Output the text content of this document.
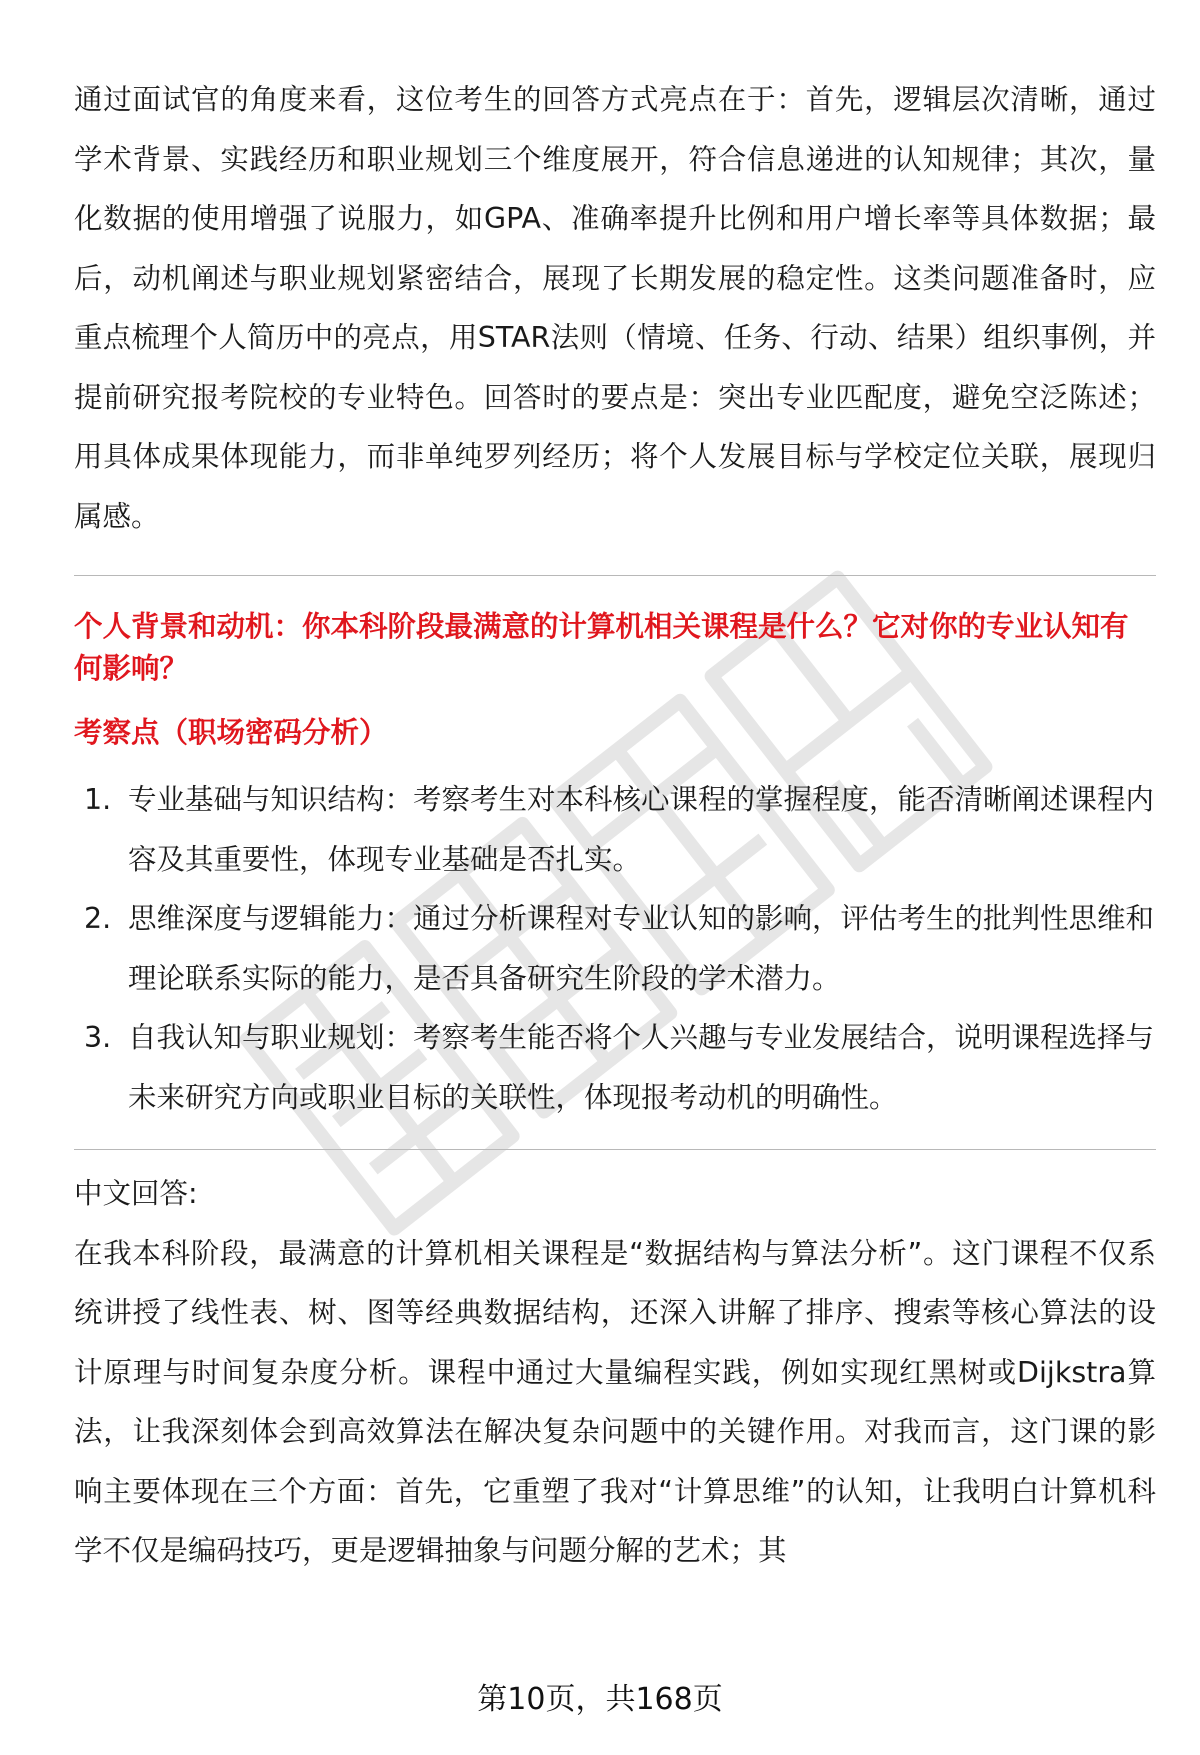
通过面试官的角度来看，这位考生的回答方式亮点在于：首先，逻辑层次清晰，通过学术背景、实践经历和职业规划三个维度展开，符合信息递进的认知规律；其次，量化数据的使用增强了说服力，如GPA、准确率提升比例和用户增长率等具体数据；最后，动机阐述与职业规划紧密结合，展现了长期发展的稳定性。这类问题准备时，应重点梳理个人简历中的亮点，用STAR法则（情境、任务、行动、结果）组织事例，并提前研究报考院校的专业特色。回答时的要点是：突出专业匹配度，避免空泛陈述；用具体成果体现能力，而非单纯罗列经历；将个人发展目标与学校定位关联，展现归属感。

个人背景和动机：你本科阶段最满意的计算机相关课程是什么？它对你的专业认知有何影响？

考察点（职场密码分析）

1. 专业基础与知识结构：考察考生对本科核心课程的掌握程度，能否清晰阐述课程内容及其重要性，体现专业基础是否扎实。
2. 思维深度与逻辑能力：通过分析课程对专业认知的影响，评估考生的批判性思维和理论联系实际的能力，是否具备研究生阶段的学术潜力。
3. 自我认知与职业规划：考察考生能否将个人兴趣与专业发展结合，说明课程选择与未来研究方向或职业目标的关联性，体现报考动机的明确性。

中文回答:

在我本科阶段，最满意的计算机相关课程是“数据结构与算法分析”。这门课程不仅系统讲授了线性表、树、图等经典数据结构，还深入讲解了排序、搜索等核心算法的设计原理与时间复杂度分析。课程中通过大量编程实践，例如实现红黑树或Dijkstra算法，让我深刻体会到高效算法在解决复杂问题中的关键作用。对我而言，这门课的影响主要体现在三个方面：首先，它重塑了我对“计算思维”的认知，让我明白计算机科学不仅是编码技巧，更是逻辑抽象与问题分解的艺术；其

第10页，共168页
